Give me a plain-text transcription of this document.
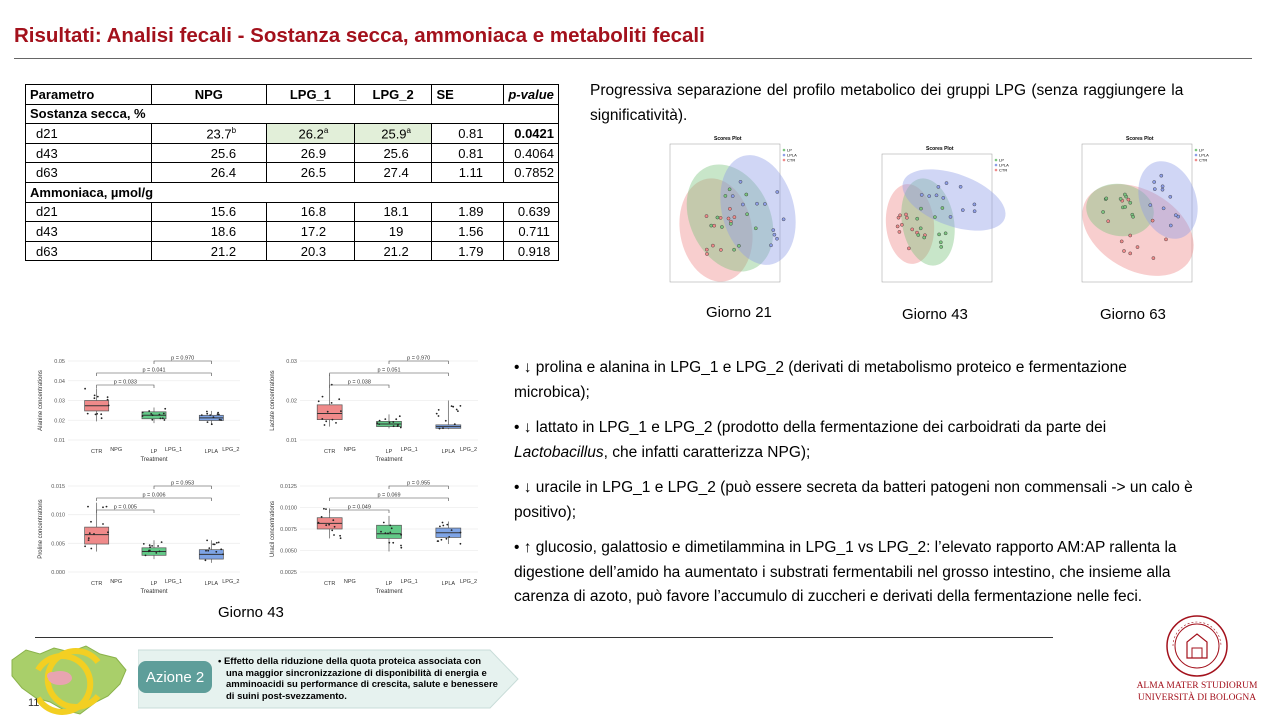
Risultati: Analisi fecali - Sostanza secca, ammoniaca e metaboliti fecali
Parametro	NPG	LPG_1	LPG_2	SE	p-value
Sostanza secca, %					
d21	23.7$^b$	26.2$^a$	25.9$^a$	0.81	0.0421
d43	25.6	26.9	25.6	0.81	0.4064
d63	26.4	26.5	27.4	1.11	0.7852
Ammoniaca, µmol/g					
d21	15.6	16.8	18.1	1.89	0.639
d43	18.6	17.2	19	1.56	0.711
d63	21.2	20.3	21.2	1.79	0.918
Progressiva separazione del profilo metabolico dei gruppi LPG (senza raggiungere la significatività).
Scores Plot
LP
LPLA
CTR
Scores Plot
LP
LPLA
CTR
Scores Plot
LP
LPLA
CTR
Giorno 21	Giorno 43	Giorno 63
0.05
0.04
0.03
0.02
0.01
Alanine concentrations
CTR NPG	LP LPG_1	LPLA LPG_2
Treatment
p = 0.970
p = 0.041
p = 0.033
0.03
0.02
0.01
Lactate concentrations
CTR NPG	LP LPG_1	LPLA LPG_2
Treatment
p = 0.970
p = 0.051
p = 0.038
0.015
0.010
0.005
0.000
Proline concentrations
CTR NPG	LP LPG_1	LPLA LPG_2
Treatment
p = 0.953
p = 0.006
p = 0.005
0.0125
0.0100
0.0075
0.0050
0.0025
Uracil concentrations
CTR NPG	LP LPG_1	LPLA LPG_2
Treatment
p = 0.955
p = 0.069
p = 0.049
Giorno 43

• ↓ prolina e alanina in LPG_1 e LPG_2 (derivati di metabolismo proteico e fermentazione microbica);

• ↓ lattato in LPG_1 e LPG_2 (prodotto della fermentazione dei carboidrati da parte dei Lactobacillus, che infatti caratterizza NPG);

• ↓ uracile in LPG_1 e LPG_2 (può essere secreta da batteri patogeni non commensali -> un calo è positivo);

• ↑ glucosio, galattosio e dimetilammina in LPG_1 vs LPG_2: l’elevato rapporto AM:AP rallenta la digestione dell’amido ha aumentato i substrati fermentabili nel grosso intestino, che insieme alla carenza di azoto, può favore l’accumulo di zuccheri e derivati della fermentazione nelle feci.

11
Azione 2
• Effetto della riduzione della quota proteica associata con una maggior sincronizzazione di disponibilità di energia e amminoacidi su performance di crescita, salute e benessere di suini post-svezzamento.
ALMA MATER STUDIORUM
UNIVERSITÀ DI BOLOGNA
